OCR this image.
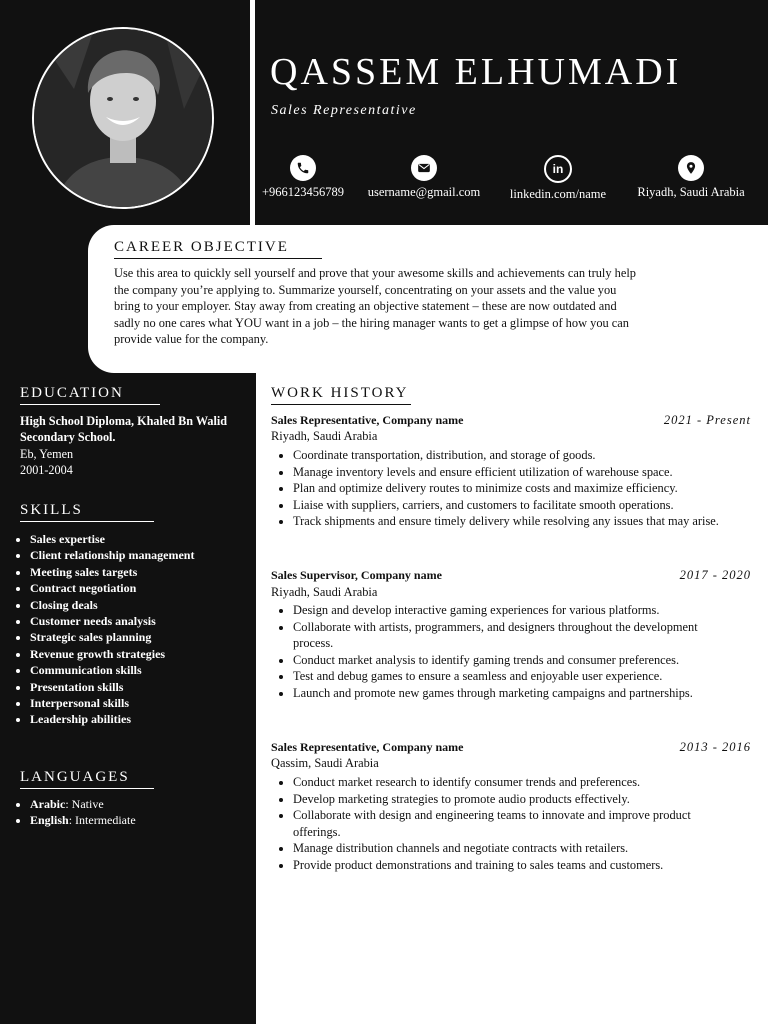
QASSEM ELHUMADI
Sales Representative
+966123456789	username@gmail.com
in
linkedin.com/name	Riyadh, Saudi Arabia
CAREER OBJECTIVE
Use this area to quickly sell yourself and prove that your awesome skills and achievements can truly help
the company you’re applying to. Summarize yourself, concentrating on your assets and the value you
bring to your employer. Stay away from creating an objective statement – these are now outdated and
sadly no one cares what YOU want in a job – the hiring manager wants to get a glimpse of how you can
provide value for the company.
EDUCATION
High School Diploma, Khaled Bn Walid
Secondary School.
Eb, Yemen
2001-2004
SKILLS
• Sales expertise
• Client relationship management
• Meeting sales targets
• Contract negotiation
• Closing deals
• Customer needs analysis
• Strategic sales planning
• Revenue growth strategies
• Communication skills
• Presentation skills
• Interpersonal skills
• Leadership abilities
LANGUAGES
• Arabic: Native
• English: Intermediate
WORK HISTORY
Sales Representative, Company name	2021 - Present
Riyadh, Saudi Arabia
• Coordinate transportation, distribution, and storage of goods.
• Manage inventory levels and ensure efficient utilization of warehouse space.
• Plan and optimize delivery routes to minimize costs and maximize efficiency.
• Liaise with suppliers, carriers, and customers to facilitate smooth operations.
• Track shipments and ensure timely delivery while resolving any issues that may arise.
Sales Supervisor, Company name	2017 - 2020
Riyadh, Saudi Arabia
• Design and develop interactive gaming experiences for various platforms.
• Collaborate with artists, programmers, and designers throughout the development process.
• Conduct market analysis to identify gaming trends and consumer preferences.
• Test and debug games to ensure a seamless and enjoyable user experience.
• Launch and promote new games through marketing campaigns and partnerships.
Sales Representative, Company name	2013 - 2016
Qassim, Saudi Arabia
• Conduct market research to identify consumer trends and preferences.
• Develop marketing strategies to promote audio products effectively.
• Collaborate with design and engineering teams to innovate and improve product offerings.
• Manage distribution channels and negotiate contracts with retailers.
• Provide product demonstrations and training to sales teams and customers.
